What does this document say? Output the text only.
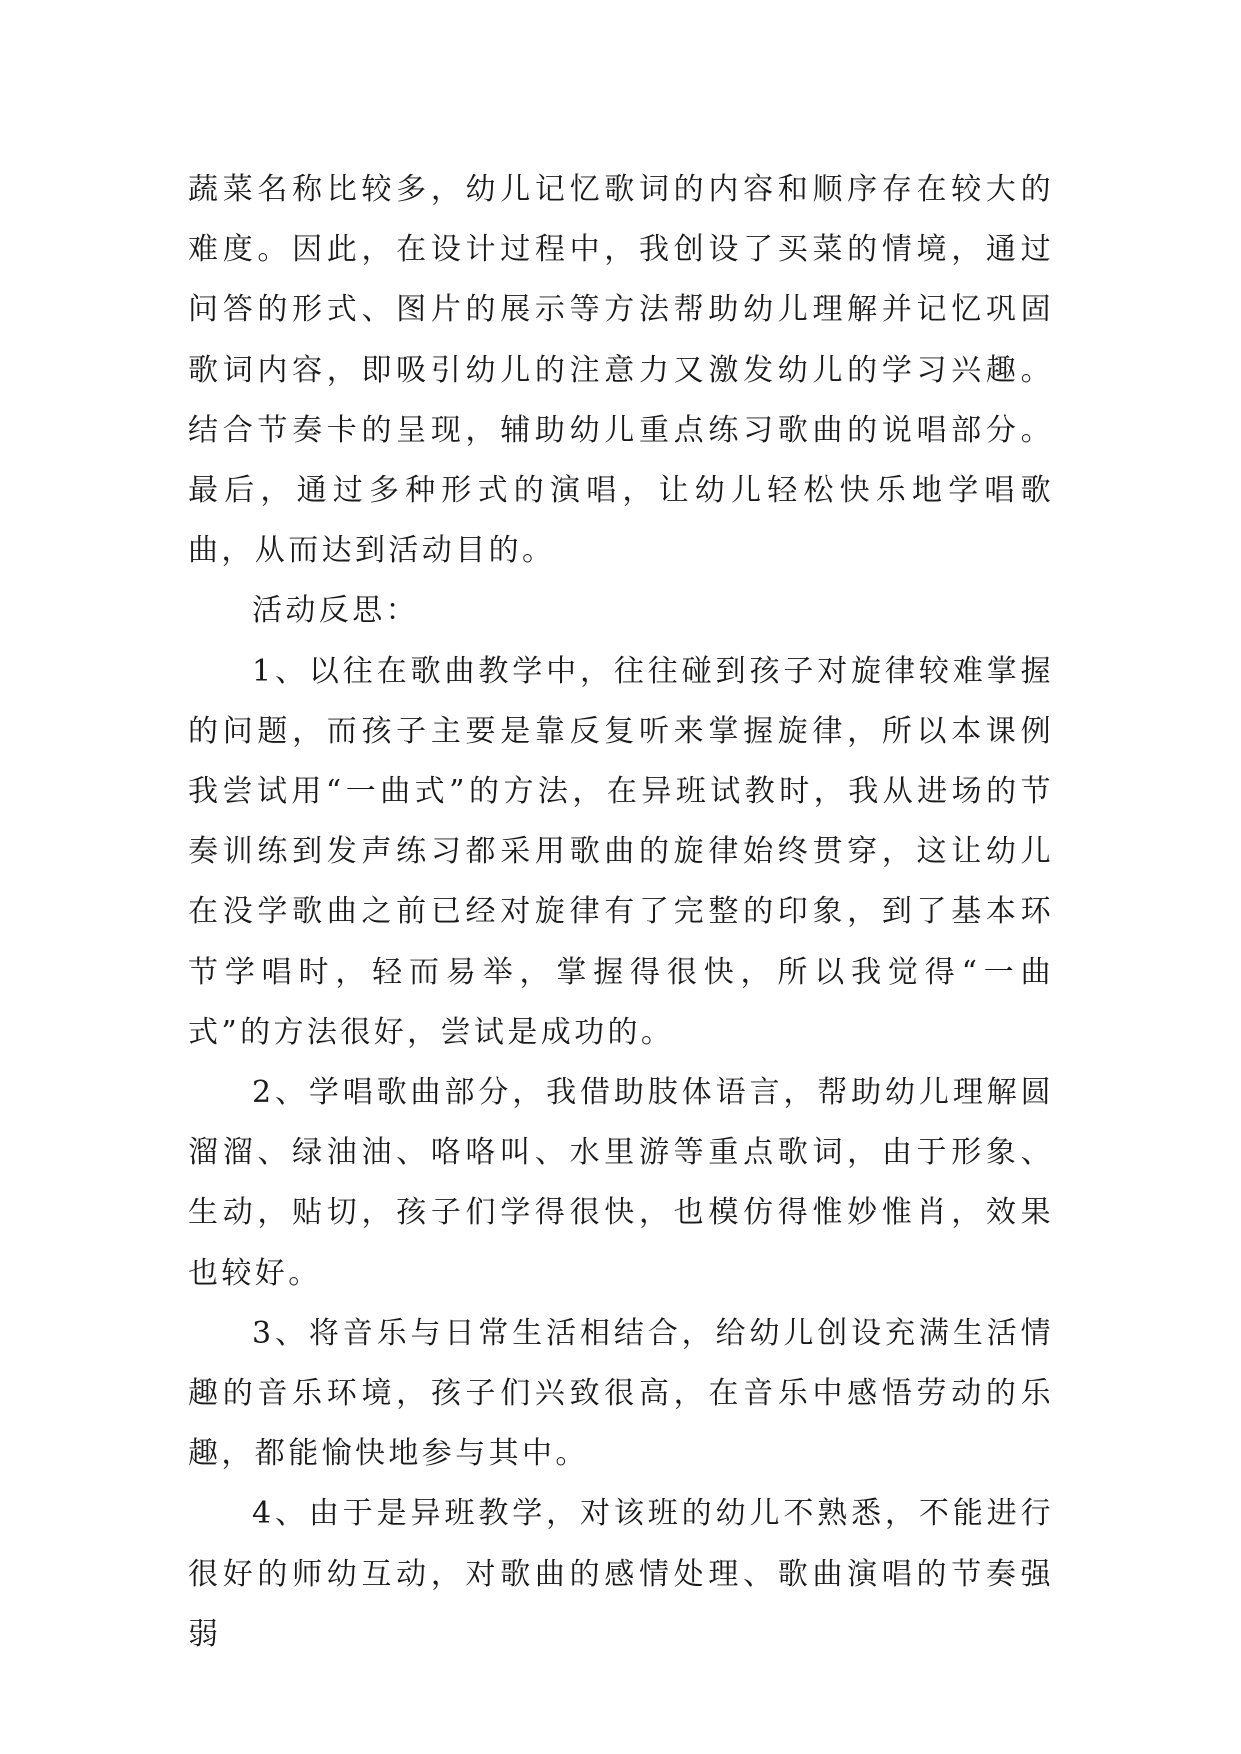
蔬菜名称比较多，幼儿记忆歌词的内容和顺序存在较大的难度。因此，在设计过程中，我创设了买菜的情境，通过问答的形式、图片的展示等方法帮助幼儿理解并记忆巩固歌词内容，即吸引幼儿的注意力又激发幼儿的学习兴趣。结合节奏卡的呈现，辅助幼儿重点练习歌曲的说唱部分。最后，通过多种形式的演唱，让幼儿轻松快乐地学唱歌曲，从而达到活动目的。

活动反思：

1、以往在歌曲教学中，往往碰到孩子对旋律较难掌握的问题，而孩子主要是靠反复听来掌握旋律，所以本课例我尝试用“一曲式”的方法，在异班试教时，我从进场的节奏训练到发声练习都采用歌曲的旋律始终贯穿，这让幼儿在没学歌曲之前已经对旋律有了完整的印象，到了基本环节学唱时，轻而易举，掌握得很快，所以我觉得“一曲式”的方法很好，尝试是成功的。

2、学唱歌曲部分，我借助肢体语言，帮助幼儿理解圆溜溜、绿油油、咯咯叫、水里游等重点歌词，由于形象、生动，贴切，孩子们学得很快，也模仿得惟妙惟肖，效果也较好。

3、将音乐与日常生活相结合，给幼儿创设充满生活情趣的音乐环境，孩子们兴致很高，在音乐中感悟劳动的乐趣，都能愉快地参与其中。

4、由于是异班教学，对该班的幼儿不熟悉，不能进行很好的师幼互动，对歌曲的感情处理、歌曲演唱的节奏强弱
